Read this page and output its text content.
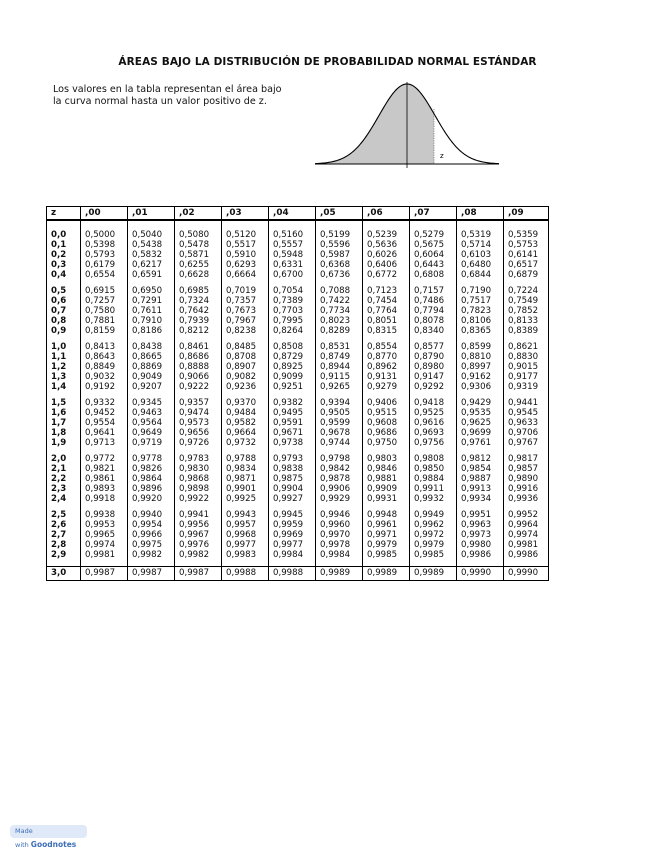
ÁREAS BAJO LA DISTRIBUCIÓN DE PROBABILIDAD NORMAL ESTÁNDAR
Los valores en la tabla representan el área bajo la curva normal hasta un valor positivo de z.
z
z	,00	,01	,02	,03	,04	,05	,06	,07	,08	,09

0,0	0,5000	0,5040	0,5080	0,5120	0,5160	0,5199	0,5239	0,5279	0,5319	0,5359
0,1	0,5398	0,5438	0,5478	0,5517	0,5557	0,5596	0,5636	0,5675	0,5714	0,5753
0,2	0,5793	0,5832	0,5871	0,5910	0,5948	0,5987	0,6026	0,6064	0,6103	0,6141
0,3	0,6179	0,6217	0,6255	0,6293	0,6331	0,6368	0,6406	0,6443	0,6480	0,6517
0,4	0,6554	0,6591	0,6628	0,6664	0,6700	0,6736	0,6772	0,6808	0,6844	0,6879

0,5	0,6915	0,6950	0,6985	0,7019	0,7054	0,7088	0,7123	0,7157	0,7190	0,7224
0,6	0,7257	0,7291	0,7324	0,7357	0,7389	0,7422	0,7454	0,7486	0,7517	0,7549
0,7	0,7580	0,7611	0,7642	0,7673	0,7703	0,7734	0,7764	0,7794	0,7823	0,7852
0,8	0,7881	0,7910	0,7939	0,7967	0,7995	0,8023	0,8051	0,8078	0,8106	0,8133
0,9	0,8159	0,8186	0,8212	0,8238	0,8264	0,8289	0,8315	0,8340	0,8365	0,8389

1,0	0,8413	0,8438	0,8461	0,8485	0,8508	0,8531	0,8554	0,8577	0,8599	0,8621
1,1	0,8643	0,8665	0,8686	0,8708	0,8729	0,8749	0,8770	0,8790	0,8810	0,8830
1,2	0,8849	0,8869	0,8888	0,8907	0,8925	0,8944	0,8962	0,8980	0,8997	0,9015
1,3	0,9032	0,9049	0,9066	0,9082	0,9099	0,9115	0,9131	0,9147	0,9162	0,9177
1,4	0,9192	0,9207	0,9222	0,9236	0,9251	0,9265	0,9279	0,9292	0,9306	0,9319

1,5	0,9332	0,9345	0,9357	0,9370	0,9382	0,9394	0,9406	0,9418	0,9429	0,9441
1,6	0,9452	0,9463	0,9474	0,9484	0,9495	0,9505	0,9515	0,9525	0,9535	0,9545
1,7	0,9554	0,9564	0,9573	0,9582	0,9591	0,9599	0,9608	0,9616	0,9625	0,9633
1,8	0,9641	0,9649	0,9656	0,9664	0,9671	0,9678	0,9686	0,9693	0,9699	0,9706
1,9	0,9713	0,9719	0,9726	0,9732	0,9738	0,9744	0,9750	0,9756	0,9761	0,9767

2,0	0,9772	0,9778	0,9783	0,9788	0,9793	0,9798	0,9803	0,9808	0,9812	0,9817
2,1	0,9821	0,9826	0,9830	0,9834	0,9838	0,9842	0,9846	0,9850	0,9854	0,9857
2,2	0,9861	0,9864	0,9868	0,9871	0,9875	0,9878	0,9881	0,9884	0,9887	0,9890
2,3	0,9893	0,9896	0,9898	0,9901	0,9904	0,9906	0,9909	0,9911	0,9913	0,9916
2,4	0,9918	0,9920	0,9922	0,9925	0,9927	0,9929	0,9931	0,9932	0,9934	0,9936

2,5	0,9938	0,9940	0,9941	0,9943	0,9945	0,9946	0,9948	0,9949	0,9951	0,9952
2,6	0,9953	0,9954	0,9956	0,9957	0,9959	0,9960	0,9961	0,9962	0,9963	0,9964
2,7	0,9965	0,9966	0,9967	0,9968	0,9969	0,9970	0,9971	0,9972	0,9973	0,9974
2,8	0,9974	0,9975	0,9976	0,9977	0,9977	0,9978	0,9979	0,9979	0,9980	0,9981
2,9	0,9981	0,9982	0,9982	0,9983	0,9984	0,9984	0,9985	0,9985	0,9986	0,9986

3,0	0,9987	0,9987	0,9987	0,9988	0,9988	0,9989	0,9989	0,9989	0,9990	0,9990
Made with Goodnotes
